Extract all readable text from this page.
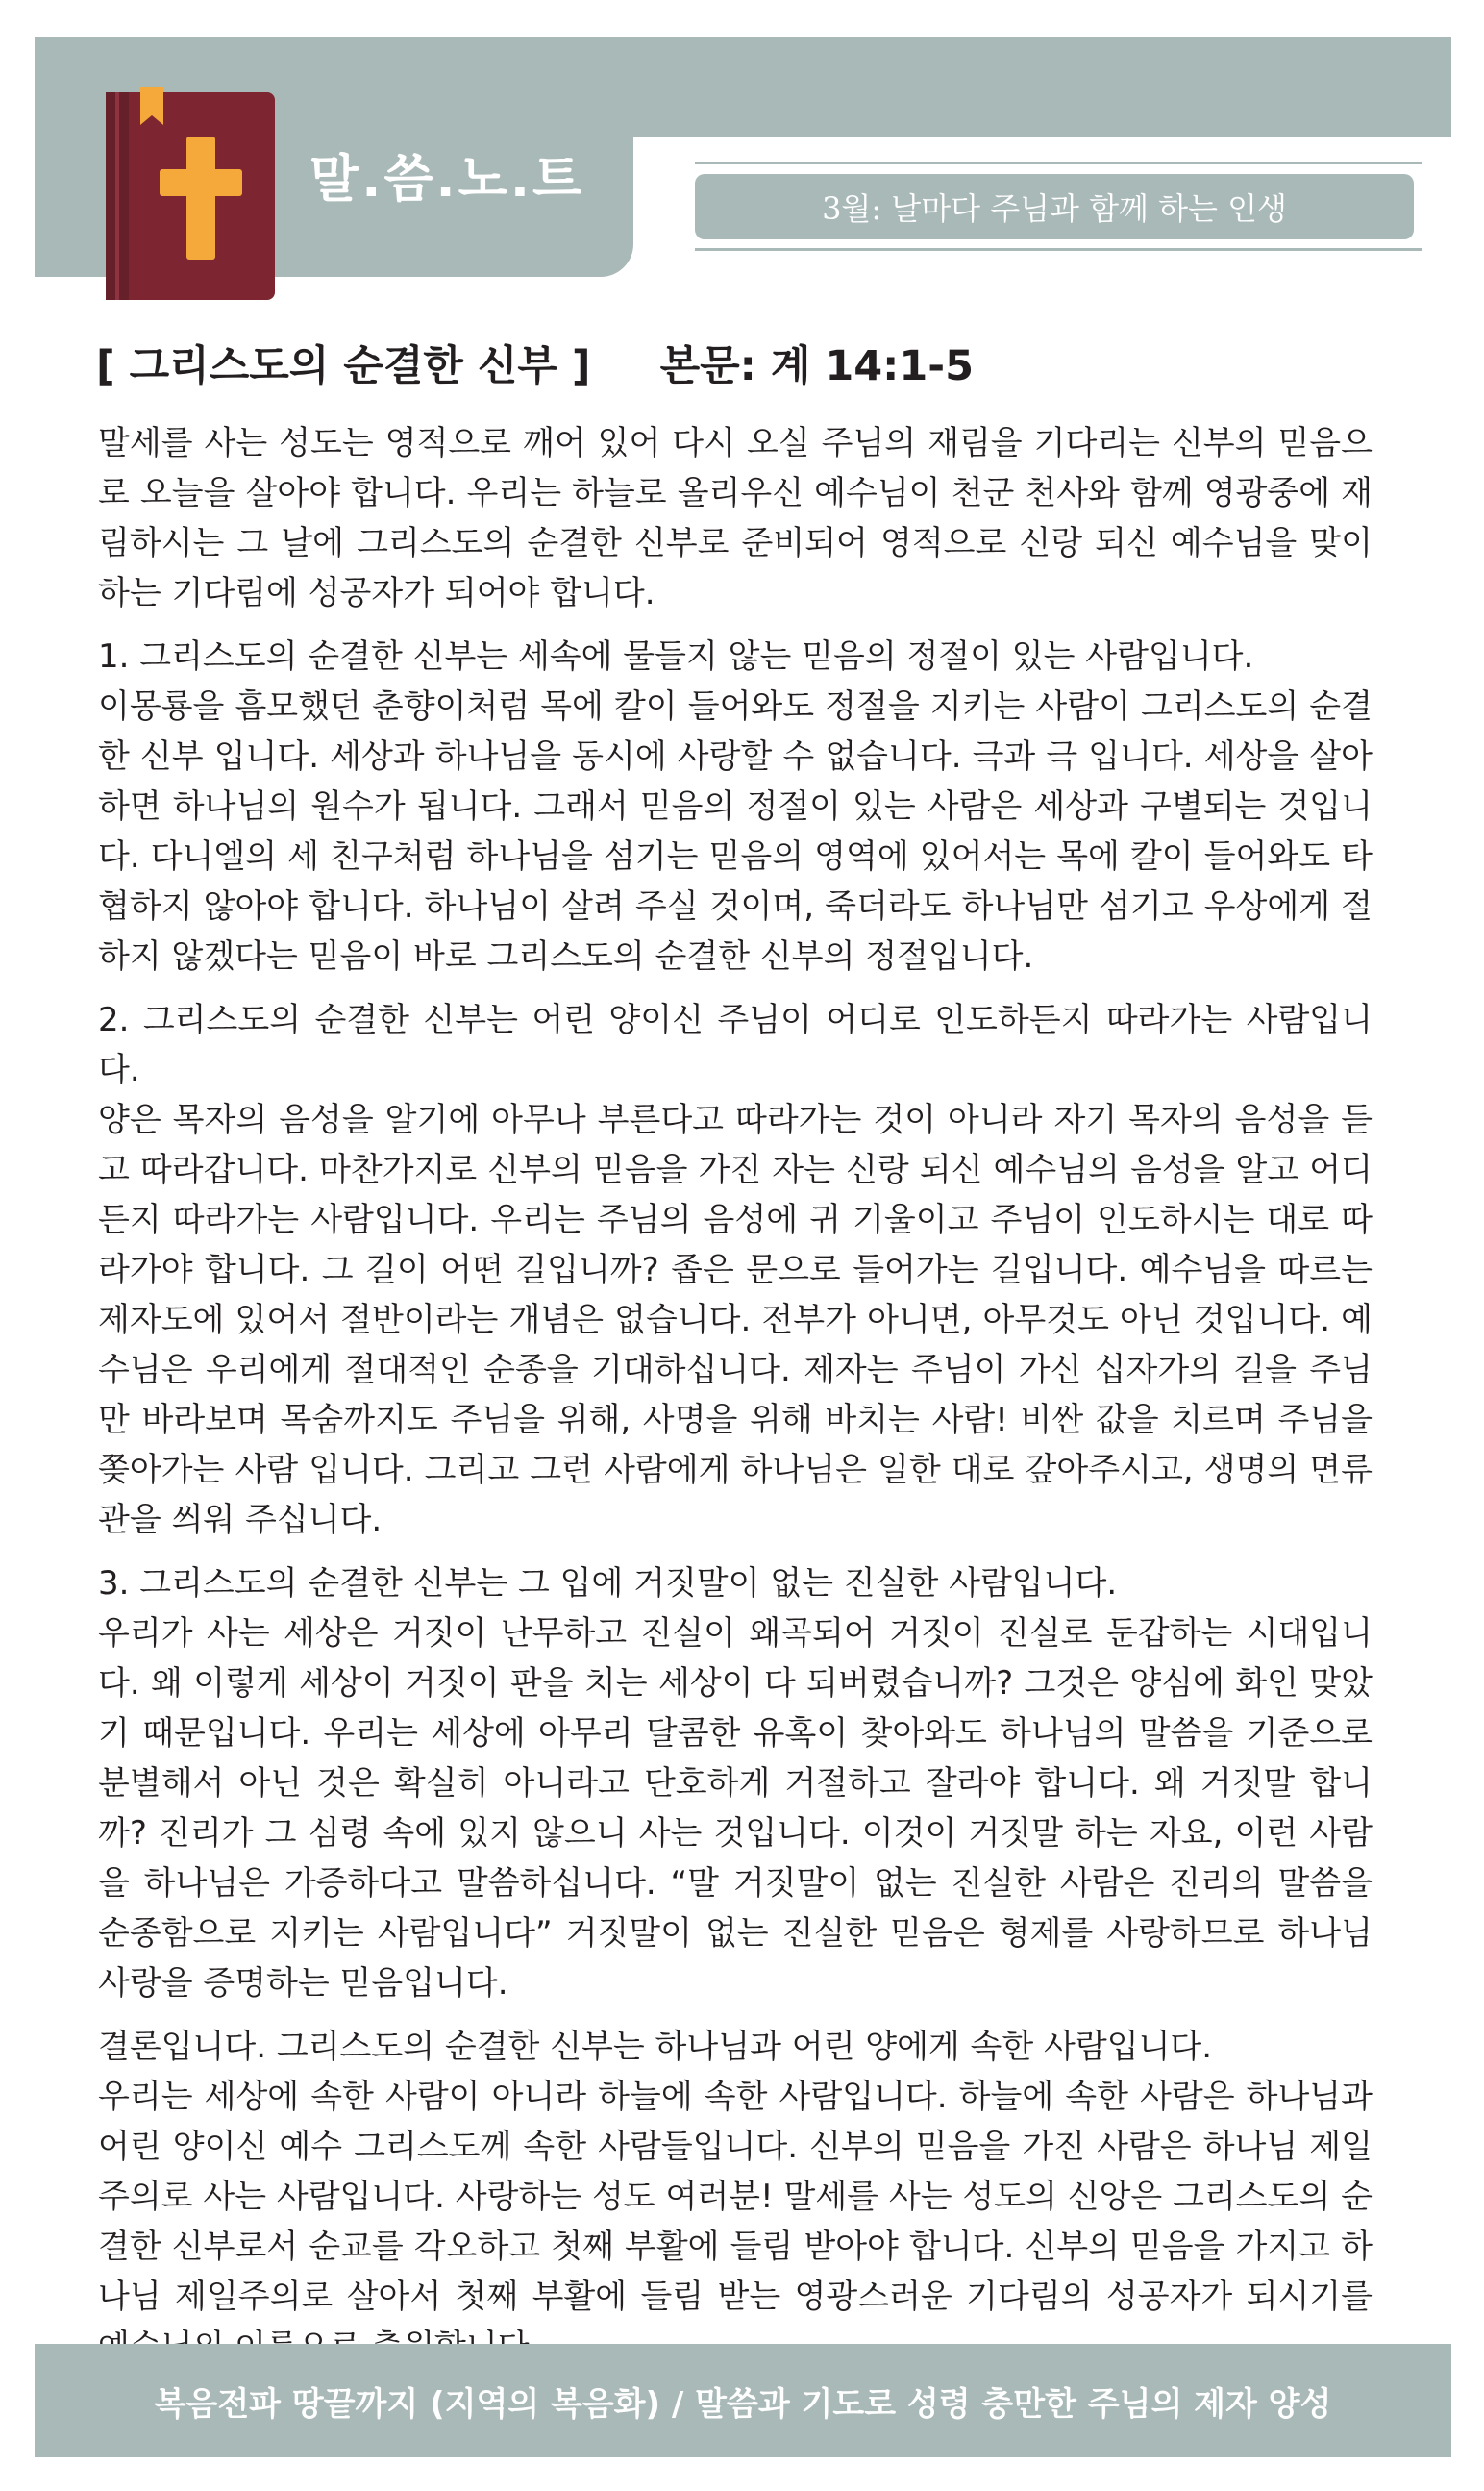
말.씀.노.트	3월: 날마다 주님과 함께 하는 인생
[ 그리스도의 순결한 신부 ] 본문: 계 14:1-5

말세를 사는 성도는 영적으로 깨어 있어 다시 오실 주님의 재림을 기다리는 신부의 믿음으로 오늘을 살아야 합니다. 우리는 하늘로 올리우신 예수님이 천군 천사와 함께 영광중에 재림하시는 그 날에 그리스도의 순결한 신부로 준비되어 영적으로 신랑 되신 예수님을 맞이하는 기다림에 성공자가 되어야 합니다.

1. 그리스도의 순결한 신부는 세속에 물들지 않는 믿음의 정절이 있는 사람입니다.

이몽룡을 흠모했던 춘향이처럼 목에 칼이 들어와도 정절을 지키는 사람이 그리스도의 순결한 신부 입니다. 세상과 하나님을 동시에 사랑할 수 없습니다. 극과 극 입니다. 세상을 살아하면 하나님의 원수가 됩니다. 그래서 믿음의 정절이 있는 사람은 세상과 구별되는 것입니다. 다니엘의 세 친구처럼 하나님을 섬기는 믿음의 영역에 있어서는 목에 칼이 들어와도 타협하지 않아야 합니다. 하나님이 살려 주실 것이며, 죽더라도 하나님만 섬기고 우상에게 절하지 않겠다는 믿음이 바로 그리스도의 순결한 신부의 정절입니다.

2. 그리스도의 순결한 신부는 어린 양이신 주님이 어디로 인도하든지 따라가는 사람입니다.

양은 목자의 음성을 알기에 아무나 부른다고 따라가는 것이 아니라 자기 목자의 음성을 듣고 따라갑니다. 마찬가지로 신부의 믿음을 가진 자는 신랑 되신 예수님의 음성을 알고 어디든지 따라가는 사람입니다. 우리는 주님의 음성에 귀 기울이고 주님이 인도하시는 대로 따라가야 합니다. 그 길이 어떤 길입니까? 좁은 문으로 들어가는 길입니다. 예수님을 따르는 제자도에 있어서 절반이라는 개념은 없습니다. 전부가 아니면, 아무것도 아닌 것입니다. 예수님은 우리에게 절대적인 순종을 기대하십니다. 제자는 주님이 가신 십자가의 길을 주님만 바라보며 목숨까지도 주님을 위해, 사명을 위해 바치는 사람! 비싼 값을 치르며 주님을 쫒아가는 사람 입니다. 그리고 그런 사람에게 하나님은 일한 대로 갚아주시고, 생명의 면류관을 씌워 주십니다.

3. 그리스도의 순결한 신부는 그 입에 거짓말이 없는 진실한 사람입니다.

우리가 사는 세상은 거짓이 난무하고 진실이 왜곡되어 거짓이 진실로 둔갑하는 시대입니다. 왜 이렇게 세상이 거짓이 판을 치는 세상이 다 되버렸습니까? 그것은 양심에 화인 맞았기 때문입니다. 우리는 세상에 아무리 달콤한 유혹이 찾아와도 하나님의 말씀을 기준으로 분별해서 아닌 것은 확실히 아니라고 단호하게 거절하고 잘라야 합니다. 왜 거짓말 합니까? 진리가 그 심령 속에 있지 않으니 사는 것입니다. 이것이 거짓말 하는 자요, 이런 사람을 하나님은 가증하다고 말씀하십니다. “말 거짓말이 없는 진실한 사람은 진리의 말씀을 순종함으로 지키는 사람입니다” 거짓말이 없는 진실한 믿음은 형제를 사랑하므로 하나님 사랑을 증명하는 믿음입니다.

결론입니다. 그리스도의 순결한 신부는 하나님과 어린 양에게 속한 사람입니다.

우리는 세상에 속한 사람이 아니라 하늘에 속한 사람입니다. 하늘에 속한 사람은 하나님과 어린 양이신 예수 그리스도께 속한 사람들입니다. 신부의 믿음을 가진 사람은 하나님 제일주의로 사는 사람입니다. 사랑하는 성도 여러분! 말세를 사는 성도의 신앙은 그리스도의 순결한 신부로서 순교를 각오하고 첫째 부활에 들림 받아야 합니다. 신부의 믿음을 가지고 하나님 제일주의로 살아서 첫째 부활에 들림 받는 영광스러운 기다림의 성공자가 되시기를

복음전파 땅끝까지 (지역의 복음화) / 말씀과 기도로 성령 충만한 주님의 제자 양성
